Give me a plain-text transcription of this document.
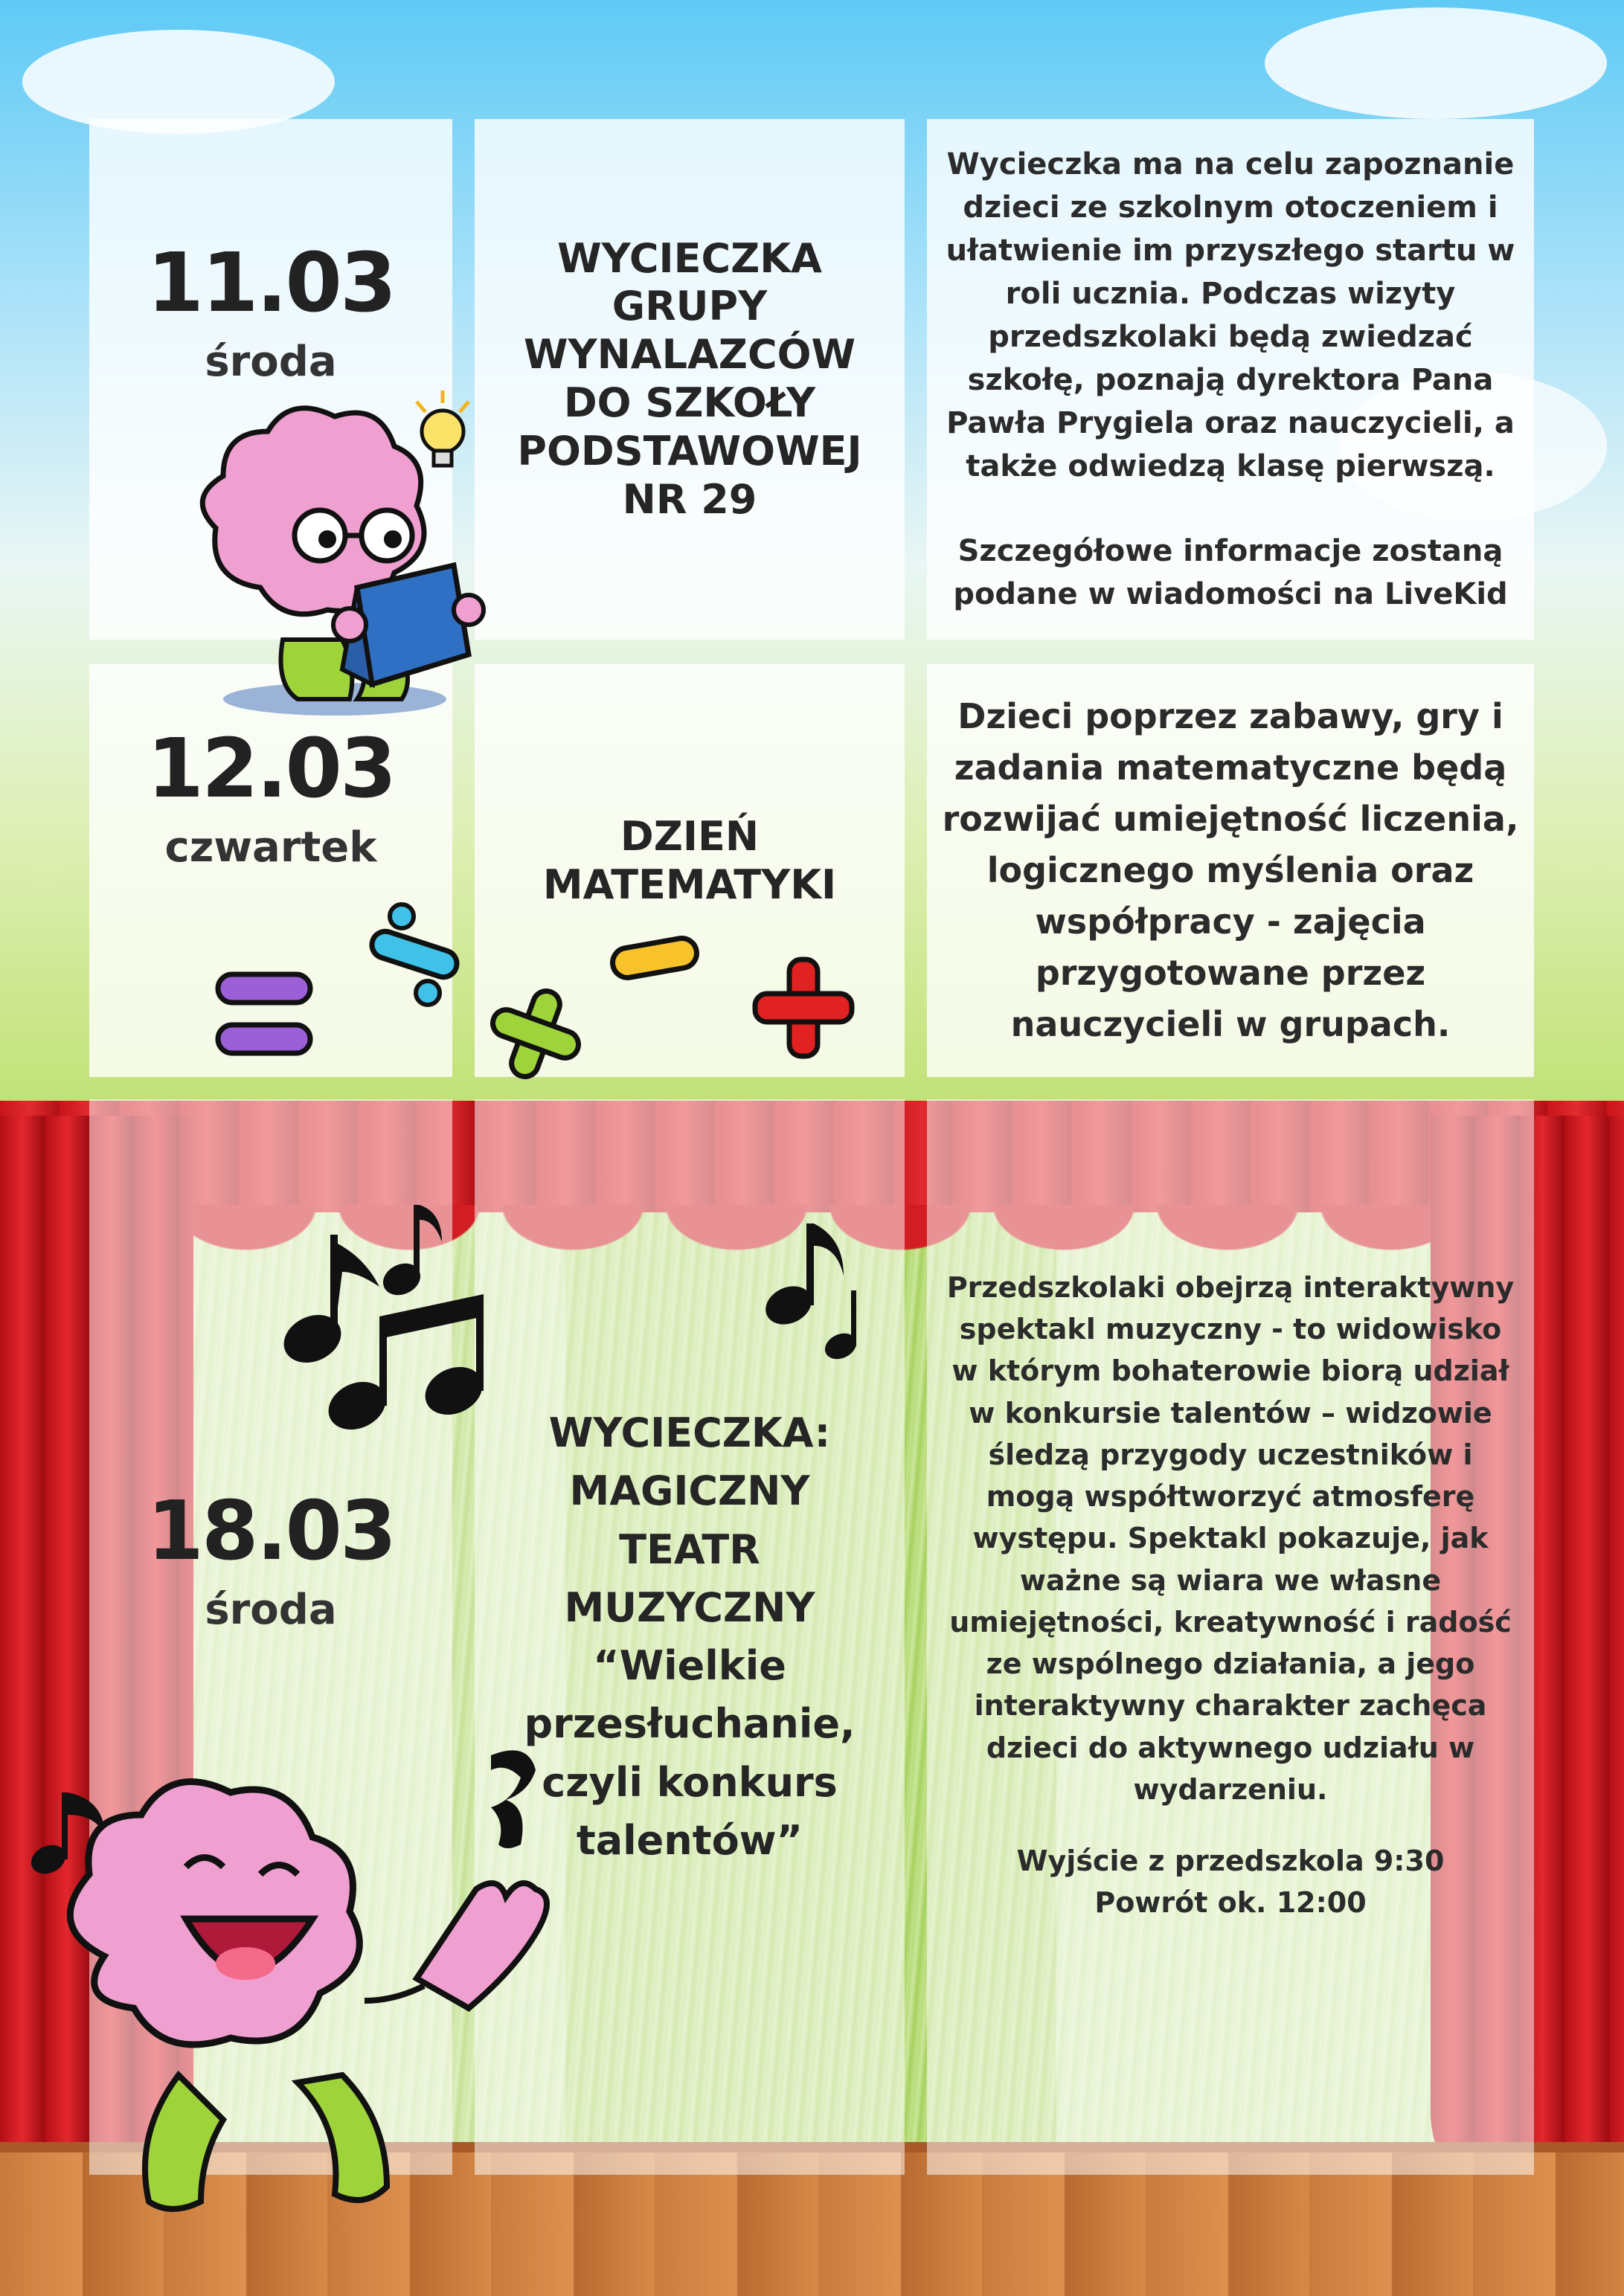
11.03
środa
WYCIECZKA
GRUPY
WYNALAZCÓW
DO SZKOŁY
PODSTAWOWEJ
NR 29

Wycieczka ma na celu zapoznanie dzieci ze szkolnym otoczeniem i ułatwienie im przyszłego startu w roli ucznia. Podczas wizyty przedszkolaki będą zwiedzać szkołę, poznają dyrektora Pana Pawła Prygiela oraz nauczycieli, a także odwiedzą klasę pierwszą.

Szczegółowe informacje zostaną podane w wiadomości na LiveKid

12.03
czwartek	DZIEŃ
MATEMATYKI

Dzieci poprzez zabawy, gry i zadania matematyczne będą rozwijać umiejętność liczenia, logicznego myślenia oraz współpracy - zajęcia przygotowane przez nauczycieli w grupach.

18.03
środa
WYCIECZKA:
MAGICZNY
TEATR
MUZYCZNY
“Wielkie
przesłuchanie,
czyli konkurs
talentów”

Przedszkolaki obejrzą interaktywny spektakl muzyczny - to widowisko w którym bohaterowie biorą udział w konkursie talentów – widzowie śledzą przygody uczestników i mogą współtworzyć atmosferę występu. Spektakl pokazuje, jak ważne są wiara we własne umiejętności, kreatywność i radość ze wspólnego działania, a jego interaktywny charakter zachęca dzieci do aktywnego udziału w wydarzeniu.

Wyjście z przedszkola 9:30

Powrót ok. 12:00
